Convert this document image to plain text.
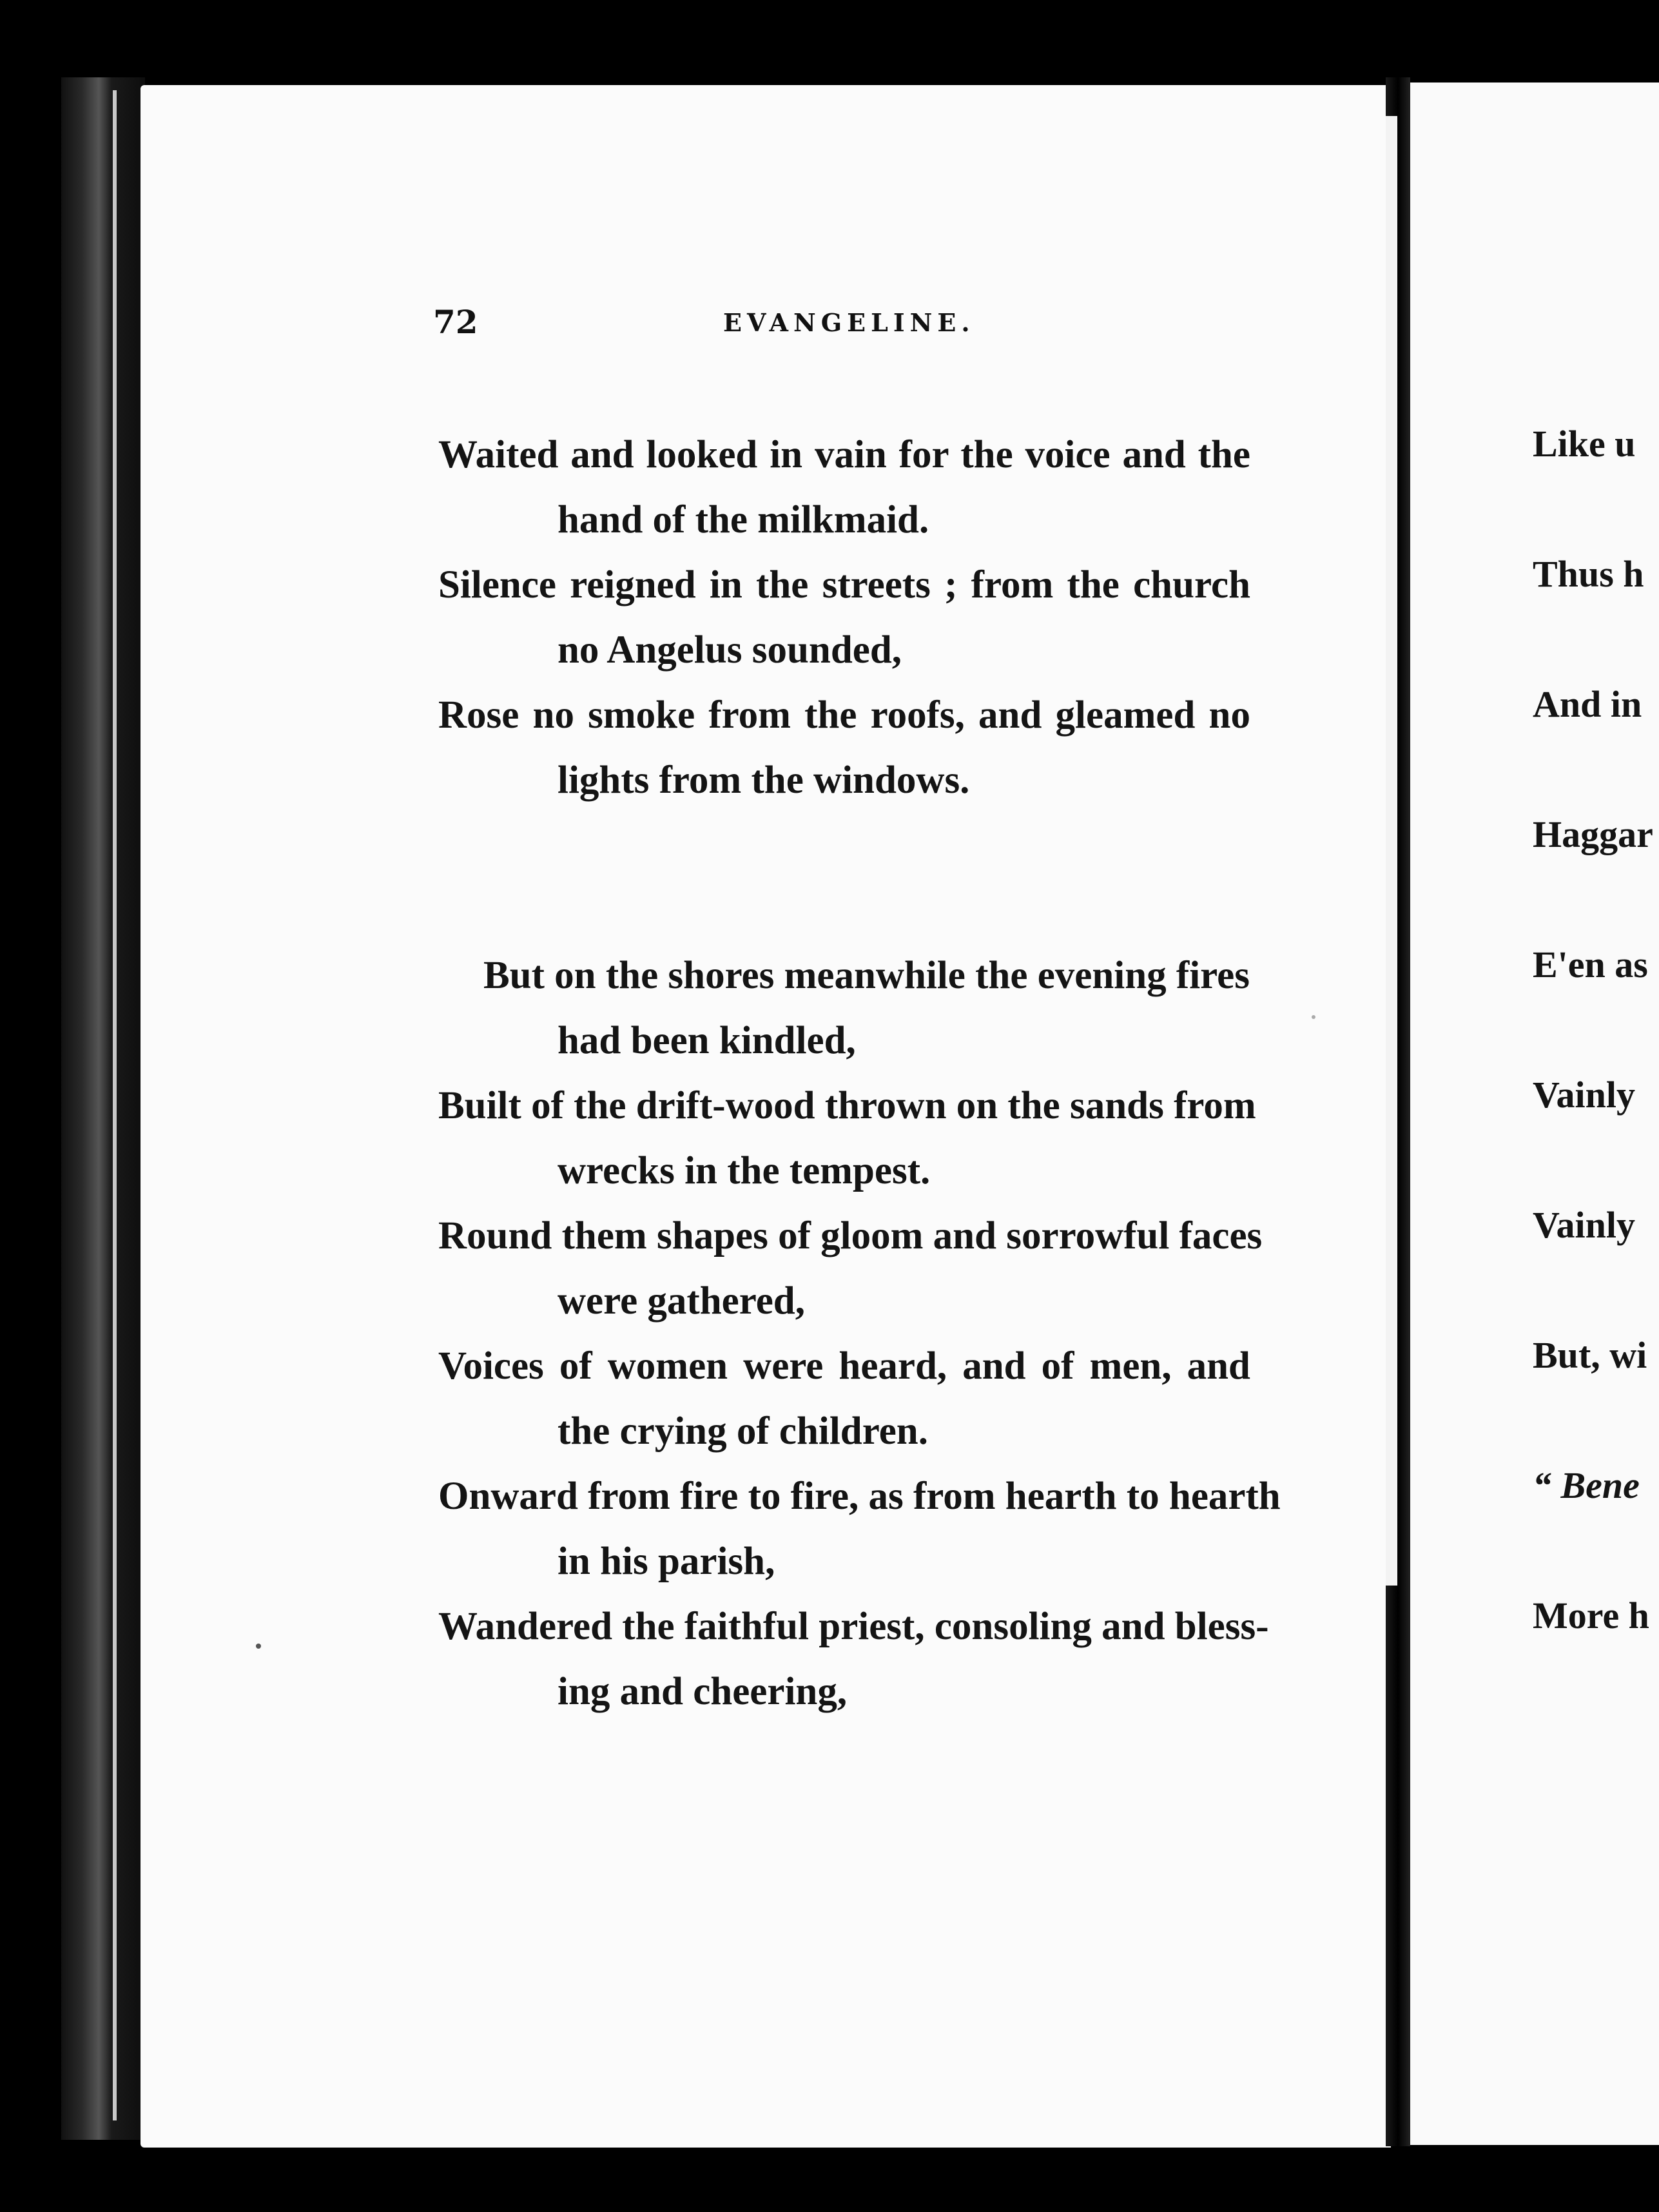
72	EVANGELINE.
Waited and looked in vain for the voice and the
hand of the milkmaid.
Silence reigned in the streets ; from the church
no Angelus sounded,
Rose no smoke from the roofs, and gleamed no
lights from the windows.
But on the shores meanwhile the evening fires
had been kindled,
Built of the drift-wood thrown on the sands from
wrecks in the tempest.
Round them shapes of gloom and sorrowful faces
were gathered,
Voices of women were heard, and of men, and
the crying of children.
Onward from fire to fire, as from hearth to hearth
in his parish,
Wandered the faithful priest, consoling and bless-
ing and cheering,
Like u
Thus h
And in
Haggar
E'en as
Vainly
Vainly
But, wi
“ Bene
More h
